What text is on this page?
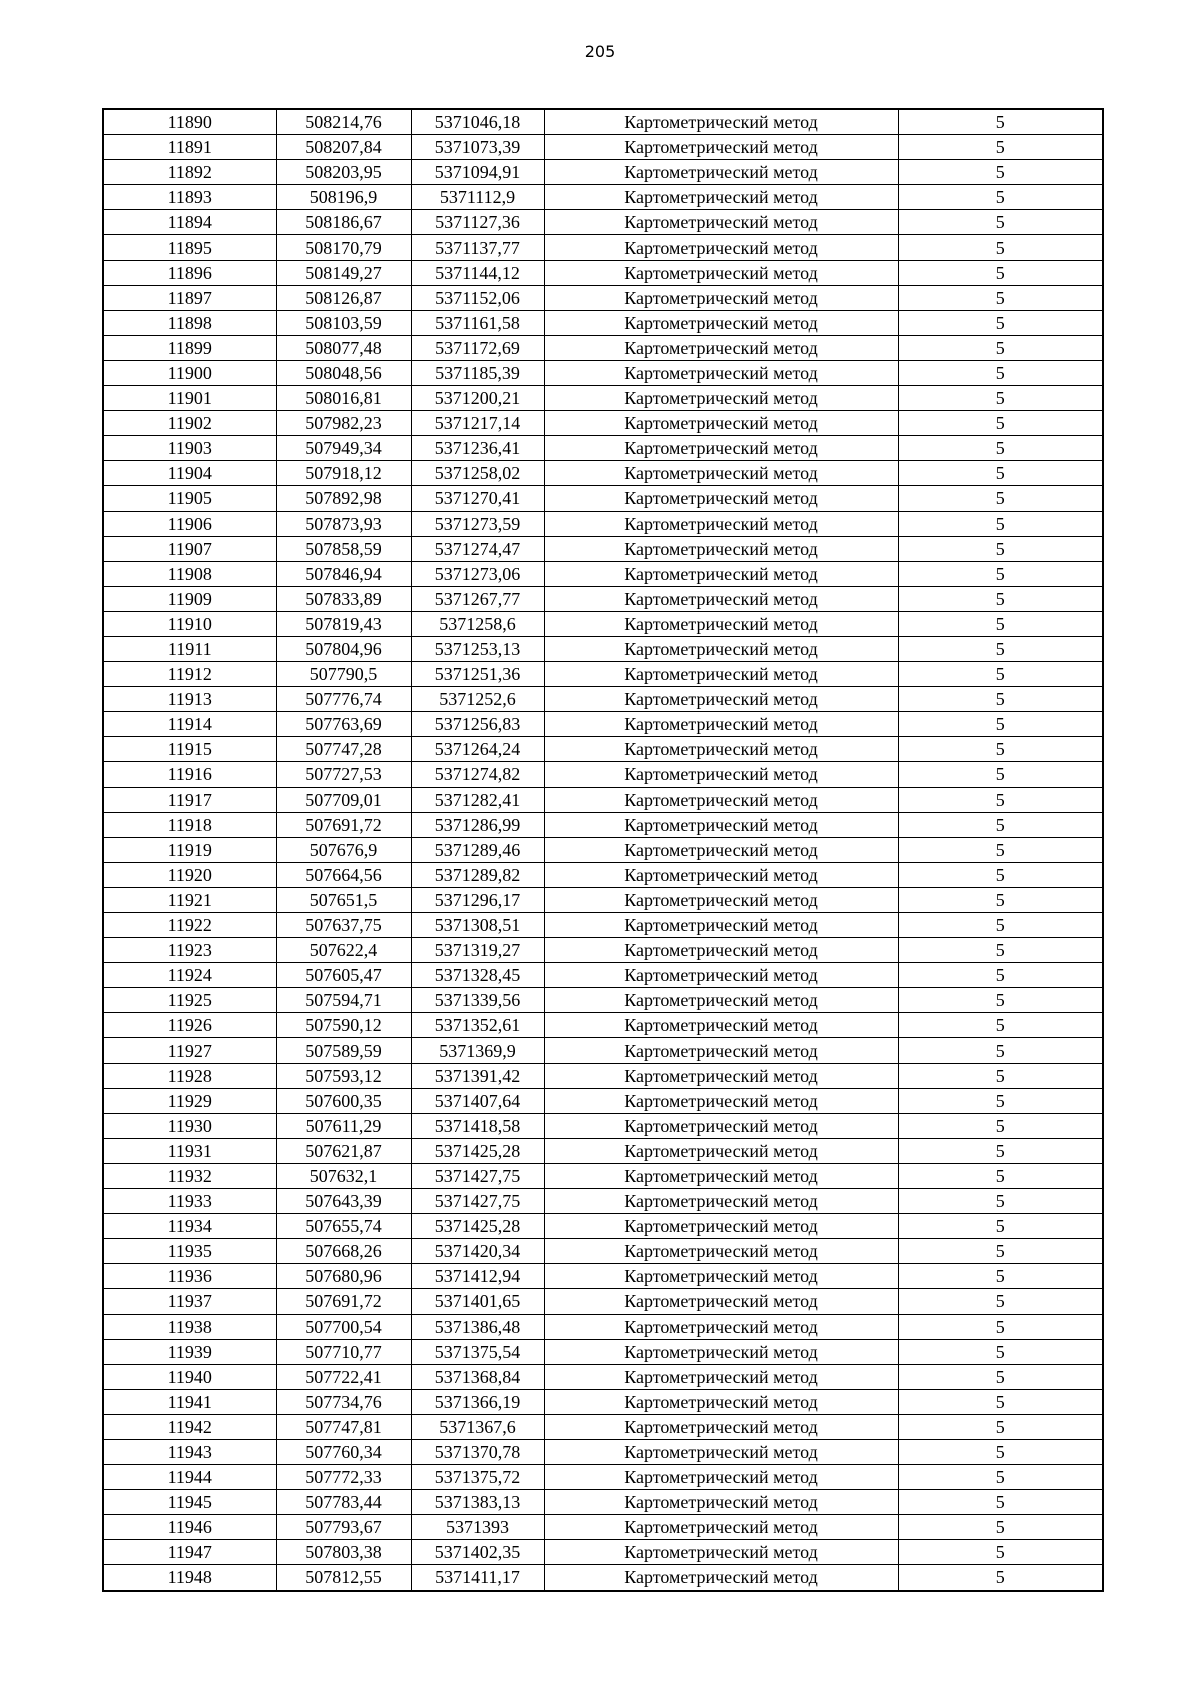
205
11890	508214,76	5371046,18	Картометрический метод	5
11891	508207,84	5371073,39	Картометрический метод	5
11892	508203,95	5371094,91	Картометрический метод	5
11893	508196,9	5371112,9	Картометрический метод	5
11894	508186,67	5371127,36	Картометрический метод	5
11895	508170,79	5371137,77	Картометрический метод	5
11896	508149,27	5371144,12	Картометрический метод	5
11897	508126,87	5371152,06	Картометрический метод	5
11898	508103,59	5371161,58	Картометрический метод	5
11899	508077,48	5371172,69	Картометрический метод	5
11900	508048,56	5371185,39	Картометрический метод	5
11901	508016,81	5371200,21	Картометрический метод	5
11902	507982,23	5371217,14	Картометрический метод	5
11903	507949,34	5371236,41	Картометрический метод	5
11904	507918,12	5371258,02	Картометрический метод	5
11905	507892,98	5371270,41	Картометрический метод	5
11906	507873,93	5371273,59	Картометрический метод	5
11907	507858,59	5371274,47	Картометрический метод	5
11908	507846,94	5371273,06	Картометрический метод	5
11909	507833,89	5371267,77	Картометрический метод	5
11910	507819,43	5371258,6	Картометрический метод	5
11911	507804,96	5371253,13	Картометрический метод	5
11912	507790,5	5371251,36	Картометрический метод	5
11913	507776,74	5371252,6	Картометрический метод	5
11914	507763,69	5371256,83	Картометрический метод	5
11915	507747,28	5371264,24	Картометрический метод	5
11916	507727,53	5371274,82	Картометрический метод	5
11917	507709,01	5371282,41	Картометрический метод	5
11918	507691,72	5371286,99	Картометрический метод	5
11919	507676,9	5371289,46	Картометрический метод	5
11920	507664,56	5371289,82	Картометрический метод	5
11921	507651,5	5371296,17	Картометрический метод	5
11922	507637,75	5371308,51	Картометрический метод	5
11923	507622,4	5371319,27	Картометрический метод	5
11924	507605,47	5371328,45	Картометрический метод	5
11925	507594,71	5371339,56	Картометрический метод	5
11926	507590,12	5371352,61	Картометрический метод	5
11927	507589,59	5371369,9	Картометрический метод	5
11928	507593,12	5371391,42	Картометрический метод	5
11929	507600,35	5371407,64	Картометрический метод	5
11930	507611,29	5371418,58	Картометрический метод	5
11931	507621,87	5371425,28	Картометрический метод	5
11932	507632,1	5371427,75	Картометрический метод	5
11933	507643,39	5371427,75	Картометрический метод	5
11934	507655,74	5371425,28	Картометрический метод	5
11935	507668,26	5371420,34	Картометрический метод	5
11936	507680,96	5371412,94	Картометрический метод	5
11937	507691,72	5371401,65	Картометрический метод	5
11938	507700,54	5371386,48	Картометрический метод	5
11939	507710,77	5371375,54	Картометрический метод	5
11940	507722,41	5371368,84	Картометрический метод	5
11941	507734,76	5371366,19	Картометрический метод	5
11942	507747,81	5371367,6	Картометрический метод	5
11943	507760,34	5371370,78	Картометрический метод	5
11944	507772,33	5371375,72	Картометрический метод	5
11945	507783,44	5371383,13	Картометрический метод	5
11946	507793,67	5371393	Картометрический метод	5
11947	507803,38	5371402,35	Картометрический метод	5
11948	507812,55	5371411,17	Картометрический метод	5
